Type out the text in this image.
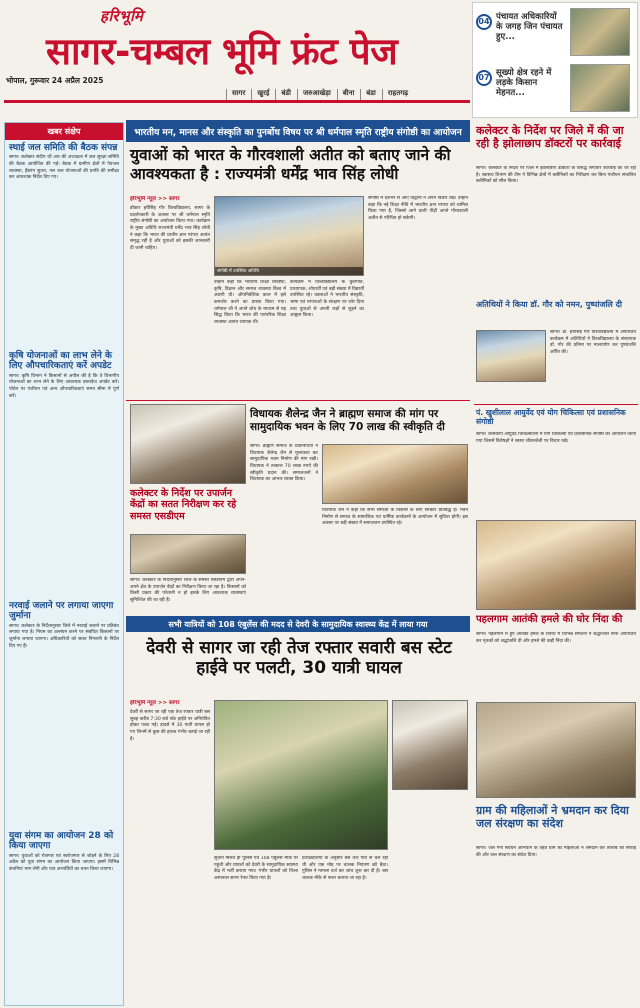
हरिभूमि
सागर-चम्बल भूमि फ्रंट पेज
भोपाल, गुरूवार 24 अप्रैल 2025
सागर	खुरई	बंडी	जरुआखेड़ा	बीना	बंडा	राहतगढ़
04 पंचायत अधिकारियों के जगह जिन पंचायत हुए...
07 सूख्यो क्षेत्र रहने में लड़के किसान मेहनत...
खबर संक्षेप
स्थाई जल समिति की बैठक संपन्न

सागर। कलेक्टर संदीप जी आर की अध्यक्षता में जल सुरक्षा समिति की बैठक आयोजित की गई। बैठक में ग्रामीण क्षेत्रों में पेयजल व्यवस्था, हैंडपंप सुधार, नल जल योजनाओं की प्रगति की समीक्षा कर आवश्यक निर्देश दिए गए।

कृषि योजनाओं का लाभ लेने के लिए औपचारिकताएं करें अपडेट

सागर। कृषि विभाग ने किसानों से अपील की है कि वे विभागीय योजनाओं का लाभ लेने के लिए आवश्यक दस्तावेज अपडेट करें। पोर्टल पर पंजीयन एवं अन्य औपचारिकताएं समय सीमा में पूर्ण करें।

नरवाई जलाने पर लगाया जाएगा जुर्माना

सागर। कलेक्टर के निर्देशानुसार जिले में नरवाई जलाने पर प्रतिबंध लगाया गया है। नियम का उल्लंघन करने पर संबंधित किसानों पर जुर्माना लगाया जाएगा। अधिकारियों को सतत निगरानी के निर्देश दिए गए हैं।

युवा संगम का आयोजन 28 को किया जाएगा

सागर। युवाओं को रोजगार एवं स्वरोजगार से जोड़ने के लिए 28 अप्रैल को युवा संगम का आयोजन किया जाएगा। इसमें विभिन्न कंपनियां भाग लेंगी और पात्र अभ्यर्थियों का चयन किया जाएगा।

भारतीय मन, मानस और संस्कृति का पुनर्बोध विषय पर श्री धर्मपाल स्मृति राष्ट्रीय संगोष्ठी का आयोजन
युवाओं को भारत के गौरवशाली अतीत को बताए जाने की आवश्यकता है : राज्यमंत्री धर्मेंद्र भाव सिंह लोधी
हरिभूमि न्यूज़ >> सागर
डॉक्टर हरीसिंह गौर विश्वविद्यालय, सागर के प्रदर्शनकारी के अवसर पर श्री धर्मपाल स्मृति राष्ट्रीय संगोष्ठी का आयोजन किया गया। कार्यक्रम के मुख्य अतिथि राज्यमंत्री धर्मेंद्र भाव सिंह लोधी ने कहा कि भारत की प्राचीन ज्ञान परंपरा अत्यंत समृद्ध रही है और युवाओं को इसकी जानकारी दी जानी चाहिए।
संगोष्ठी में उपस्थित अतिथि
उन्होंने कहा कि भारतीय शिक्षा व्यवस्था, कृषि, विज्ञान और समाज व्यवस्था विश्व में अग्रणी थी। औपनिवेशिक काल में इसे कमजोर करने का प्रयास किया गया। धर्मपाल जी ने अपने शोध के माध्यम से यह सिद्ध किया कि भारत की पारंपरिक शिक्षा व्यवस्था अत्यंत व्यापक थी।
कार्यक्रम में विश्वविद्यालय के कुलपति, प्राध्यापक, शोधार्थी एवं बड़ी संख्या में विद्यार्थी उपस्थित रहे। वक्ताओं ने भारतीय संस्कृति, भाषा एवं परंपराओं के संरक्षण पर जोर दिया तथा युवाओं से अपनी जड़ों से जुड़ने का आह्वान किया।
संगोष्ठी में देशभर से आए विद्वानों ने अपने विचार रखे। उन्होंने कहा कि नई शिक्षा नीति में भारतीय ज्ञान परंपरा को शामिल किया गया है, जिससे आने वाली पीढ़ी अपने गौरवशाली अतीत से परिचित हो सकेगी।
विधायक शैलेन्द्र जैन ने ब्राह्मण समाज की मांग पर सामुदायिक भवन के लिए 70 लाख की स्वीकृति दी
सागर। ब्राह्मण समाज के प्रतिनिधियों ने विधायक शैलेन्द्र जैन से मुलाकात कर सामुदायिक भवन निर्माण की मांग रखी। विधायक ने तत्काल 70 लाख रुपये की स्वीकृति प्रदान की। समाजजनों ने विधायक का आभार व्यक्त किया।
विधायक जैन ने कहा कि सभी समाजों के विकास के लिए सरकार प्रतिबद्ध है। भवन निर्माण से समाज के सामाजिक एवं धार्मिक कार्यक्रमों के आयोजन में सुविधा होगी। इस अवसर पर बड़ी संख्या में समाजजन उपस्थित रहे।
कलेक्टर के निर्देश पर उपार्जन केंद्रों का सतत निरीक्षण कर रहे समस्त एसडीएम
सागर। कलेक्टर के निर्देशानुसार जिले के समस्त एसडीएम द्वारा अपने-अपने क्षेत्र के उपार्जन केंद्रों का निरीक्षण किया जा रहा है। किसानों को किसी प्रकार की परेशानी न हो इसके लिए आवश्यक व्यवस्थाएं सुनिश्चित की जा रही हैं।
सभी यात्रियों को 108 एंबुलेंस की मदद से देवरी के सामुदायिक स्वास्थ्य केंद्र में लाया गया
देवरी से सागर जा रही तेज रफ्तार सवारी बस स्टेट हाईवे पर पलटी, 30 यात्री घायल
हरिभूमि न्यूज़ >> सागर
देवरी से सागर जा रही एक तेज रफ्तार यात्री बस सुबह करीब 7:30 बजे स्टेट हाईवे पर अनियंत्रित होकर पलट गई। हादसे में 30 यात्री घायल हो गए जिनमें से कुछ की हालत गंभीर बताई जा रही है।
सूचना मिलते ही पुलिस एवं 108 एंबुलेंस मौके पर पहुंची और घायलों को देवरी के सामुदायिक स्वास्थ्य केंद्र में भर्ती कराया गया। गंभीर घायलों को जिला अस्पताल सागर रेफर किया गया है।
प्रत्यक्षदर्शियों के अनुसार बस तेज गति से चल रही थी और एक मोड़ पर चालक नियंत्रण खो बैठा। पुलिस ने मामला दर्ज कर जांच शुरू कर दी है। बस चालक मौके से फरार बताया जा रहा है।
कलेक्टर के निर्देश पर जिले में की जा रही है झोलाछाप डॉक्टरों पर कार्रवाई
सागर। कलेक्टर के निर्देश पर जिले में झोलाछाप डॉक्टरों के विरुद्ध लगातार कार्रवाई की जा रही है। स्वास्थ्य विभाग की टीम ने विभिन्न क्षेत्रों में क्लीनिकों का निरीक्षण कर बिना पंजीयन संचालित क्लीनिकों को सील किया।
अतिथियों ने किया डॉ. गौर को नमन, पुष्पांजलि दी
सागर। डॉ. हरीसिंह गौर विश्वविद्यालय में आयोजित कार्यक्रम में अतिथियों ने विश्वविद्यालय के संस्थापक डॉ. गौर की प्रतिमा पर माल्यार्पण कर पुष्पांजलि अर्पित की।
पं. खुशीलाल आयुर्वेद एवं योग चिकित्सा एवं प्रशासनिक संगोष्ठी
सागर। शासकीय आयुर्वेद चिकित्सालय में योग चिकित्सा एवं प्रशासनिक संगोष्ठी का आयोजन किया गया जिसमें विशेषज्ञों ने स्वस्थ जीवनशैली पर विचार रखे।
पहलगाम आतंकी हमले की घोर निंदा की
सागर। पहलगाम में हुए आतंकी हमले के विरोध में विभिन्न संगठनों ने श्रद्धांजलि सभा आयोजित कर मृतकों को श्रद्धांजलि दी और हमले की कड़ी निंदा की।
ग्राम की महिलाओं ने भ्रमदान कर दिया जल संरक्षण का संदेश
सागर। जल गंगा संवर्धन अभियान के तहत ग्राम की महिलाओं ने श्रमदान कर तालाब की सफाई की और जल संरक्षण का संदेश दिया।
